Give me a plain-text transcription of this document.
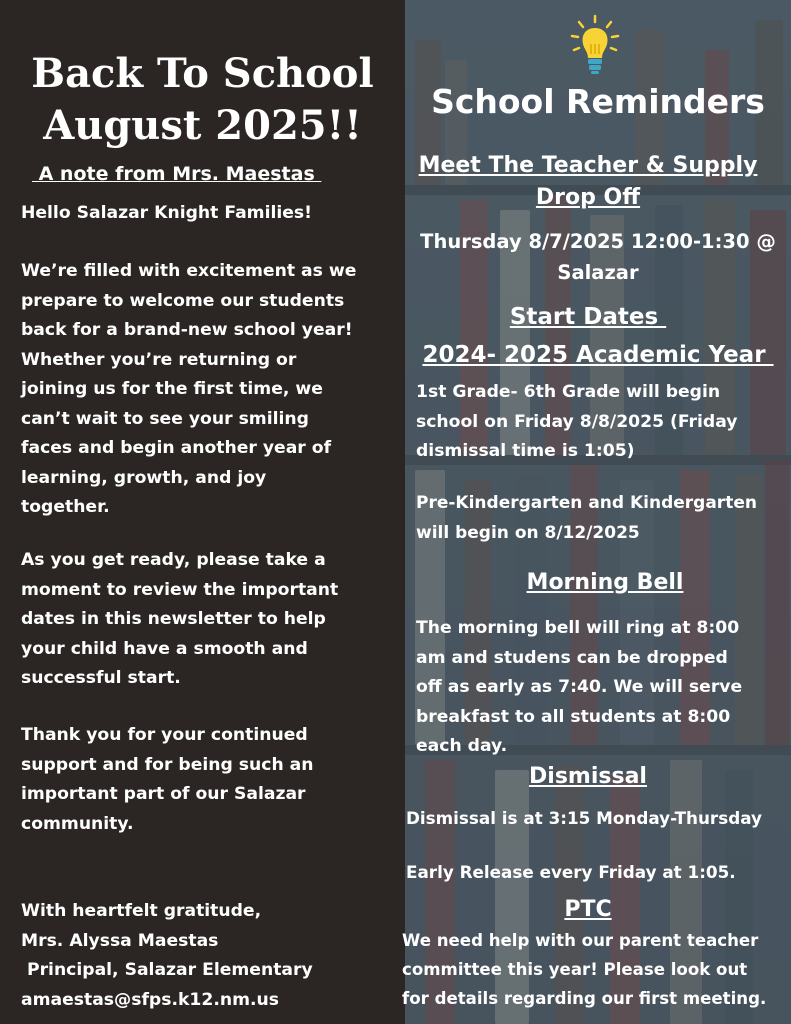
Back To School
August 2025!!
A note from Mrs. Maestas

Hello Salazar Knight Families!

We’re filled with excitement as we
prepare to welcome our students
back for a brand-new school year!
Whether you’re returning or
joining us for the first time, we
can’t wait to see your smiling
faces and begin another year of
learning, growth, and joy
together.

As you get ready, please take a
moment to review the important
dates in this newsletter to help
your child have a smooth and
successful start.

Thank you for your continued
support and for being such an
important part of our Salazar
community.

With heartfelt gratitude,

Mrs. Alyssa Maestas

Principal, Salazar Elementary

amaestas@sfps.k12.nm.us

School Reminders
Meet The Teacher & Supply
Drop Off
Thursday 8/7/2025 12:00-1:30 @
Salazar
Start Dates
2024- 2025 Academic Year
1st Grade- 6th Grade will begin
school on Friday 8/8/2025 (Friday
dismissal time is 1:05)
Pre-Kindergarten and Kindergarten
will begin on 8/12/2025
Morning Bell
The morning bell will ring at 8:00
am and studens can be dropped
off as early as 7:40. We will serve
breakfast to all students at 8:00
each day.
Dismissal
Dismissal is at 3:15 Monday-Thursday
Early Release every Friday at 1:05.
PTC
We need help with our parent teacher
committee this year! Please look out
for details regarding our first meeting.
